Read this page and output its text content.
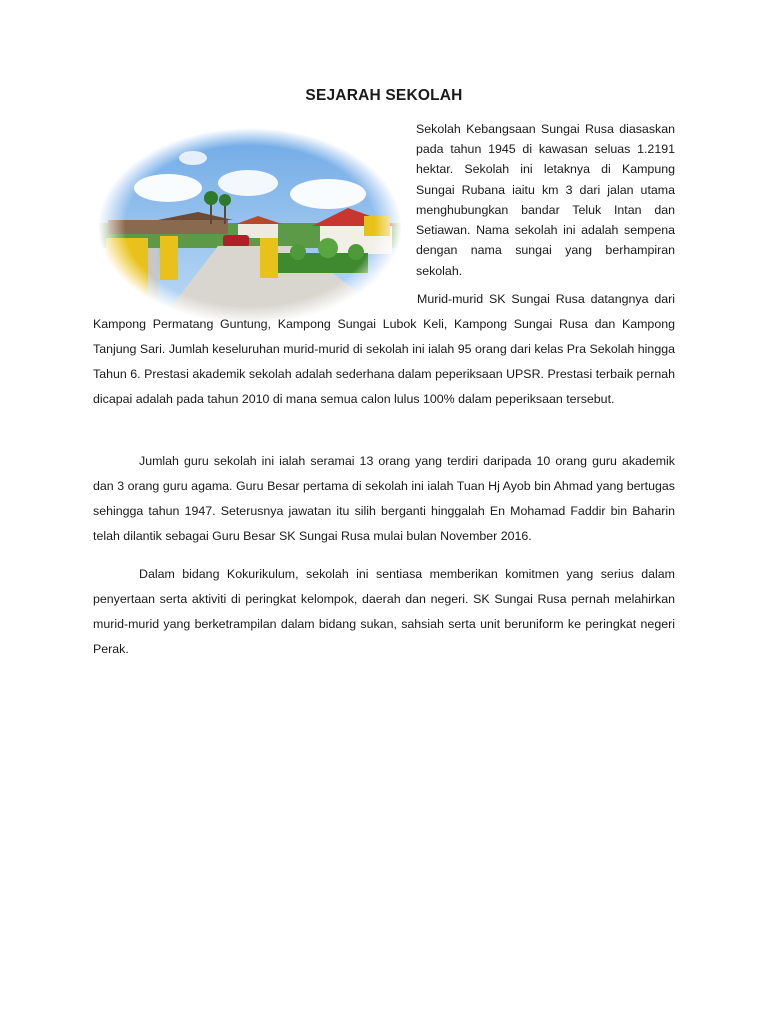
SEJARAH SEKOLAH

Sekolah Kebangsaan Sungai Rusa diasaskan pada tahun 1945 di kawasan seluas 1.2191 hektar. Sekolah ini letaknya di Kampung Sungai Rubana iaitu km 3 dari jalan utama menghubungkan bandar Teluk Intan dan Setiawan. Nama sekolah ini adalah sempena dengan nama sungai yang berhampiran sekolah.

Murid-murid SK Sungai Rusa datangnya dari Kampong Permatang Guntung, Kampong Sungai Lubok Keli, Kampong Sungai Rusa dan Kampong Tanjung Sari. Jumlah keseluruhan murid-murid di sekolah ini ialah 95 orang dari kelas Pra Sekolah hingga Tahun 6. Prestasi akademik sekolah adalah sederhana dalam peperiksaan UPSR. Prestasi terbaik pernah dicapai adalah pada tahun 2010 di mana semua calon lulus 100% dalam peperiksaan tersebut.

Jumlah guru sekolah ini ialah seramai 13 orang yang terdiri daripada 10 orang guru akademik dan 3 orang guru agama. Guru Besar pertama di sekolah ini ialah Tuan Hj Ayob bin Ahmad yang bertugas sehingga tahun 1947. Seterusnya jawatan itu silih berganti hinggalah En Mohamad Faddir bin Baharin telah dilantik sebagai Guru Besar SK Sungai Rusa mulai bulan November 2016.

Dalam bidang Kokurikulum, sekolah ini sentiasa memberikan komitmen yang serius dalam penyertaan serta aktiviti di peringkat kelompok, daerah dan negeri. SK Sungai Rusa pernah melahirkan murid-murid yang berketrampilan dalam bidang sukan, sahsiah serta unit beruniform ke peringkat negeri Perak.
